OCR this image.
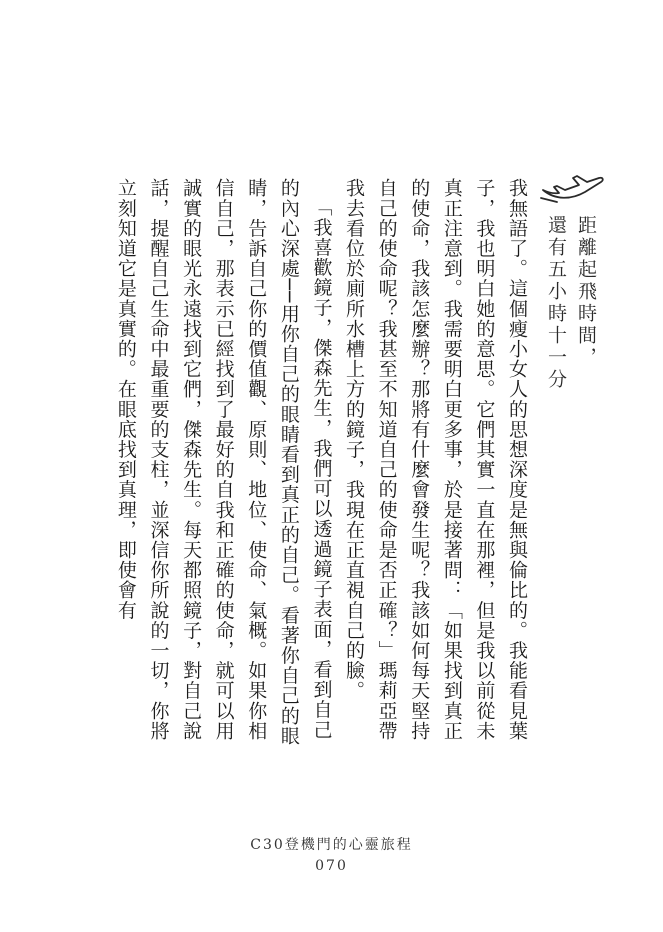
距離起飛時間，
還有五小時十一分

我無語了。這個瘦小女人的思想深度是無與倫比的。我能看見葉子，我也明白她的意思。它們其實一直在那裡，但是我以前從未真正注意到。我需要明白更多事，於是接著問：「如果找到真正的使命，我該怎麼辦？那將有什麼會發生呢？我該如何每天堅持自己的使命呢？我甚至不知道自己的使命是否正確？」瑪莉亞帶我去看位於廁所水槽上方的鏡子，我現在正直視自己的臉。

「我喜歡鏡子，傑森先生，我們可以透過鏡子表面，看到自己的內心深處──用你自己的眼睛看到真正的自己。看著你自己的眼睛，告訴自己你的價值觀、原則、地位、使命、氣概。如果你相信自己，那表示已經找到了最好的自我和正確的使命，就可以用誠實的眼光永遠找到它們，傑森先生。每天都照鏡子，對自己說話，提醒自己生命中最重要的支柱，並深信你所說的一切，你將立刻知道它是真實的。在眼底找到真理，即使會有

C30登機門的心靈旅程
070
